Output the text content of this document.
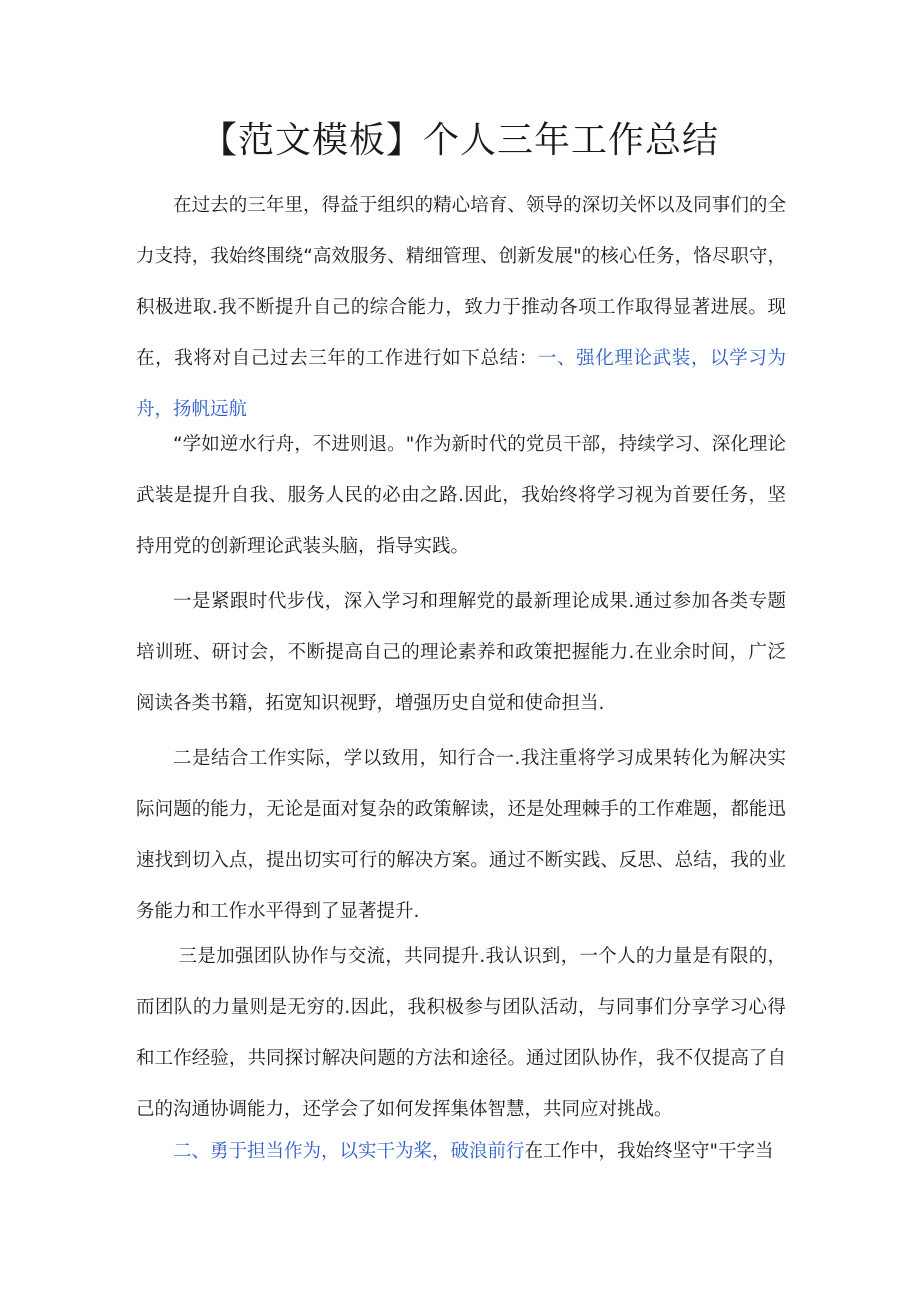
【范文模板】个人三年工作总结

在过去的三年里，得益于组织的精心培育、领导的深切关怀以及同事们的全力支持，我始终围绕“高效服务、精细管理、创新发展"的核心任务，恪尽职守，积极进取.我不断提升自己的综合能力，致力于推动各项工作取得显著进展。现在，我将对自己过去三年的工作进行如下总结：一、强化理论武装，以学习为舟，扬帆远航

“学如逆水行舟，不进则退。"作为新时代的党员干部，持续学习、深化理论武装是提升自我、服务人民的必由之路.因此，我始终将学习视为首要任务，坚持用党的创新理论武装头脑，指导实践。

一是紧跟时代步伐，深入学习和理解党的最新理论成果.通过参加各类专题培训班、研讨会，不断提高自己的理论素养和政策把握能力.在业余时间，广泛阅读各类书籍，拓宽知识视野，增强历史自觉和使命担当.

二是结合工作实际，学以致用，知行合一.我注重将学习成果转化为解决实际问题的能力，无论是面对复杂的政策解读，还是处理棘手的工作难题，都能迅速找到切入点，提出切实可行的解决方案。通过不断实践、反思、总结，我的业务能力和工作水平得到了显著提升.

三是加强团队协作与交流，共同提升.我认识到，一个人的力量是有限的，而团队的力量则是无穷的.因此，我积极参与团队活动，与同事们分享学习心得和工作经验，共同探讨解决问题的方法和途径。通过团队协作，我不仅提高了自己的沟通协调能力，还学会了如何发挥集体智慧，共同应对挑战。

二、勇于担当作为，以实干为桨，破浪前行在工作中，我始终坚守"干字当
